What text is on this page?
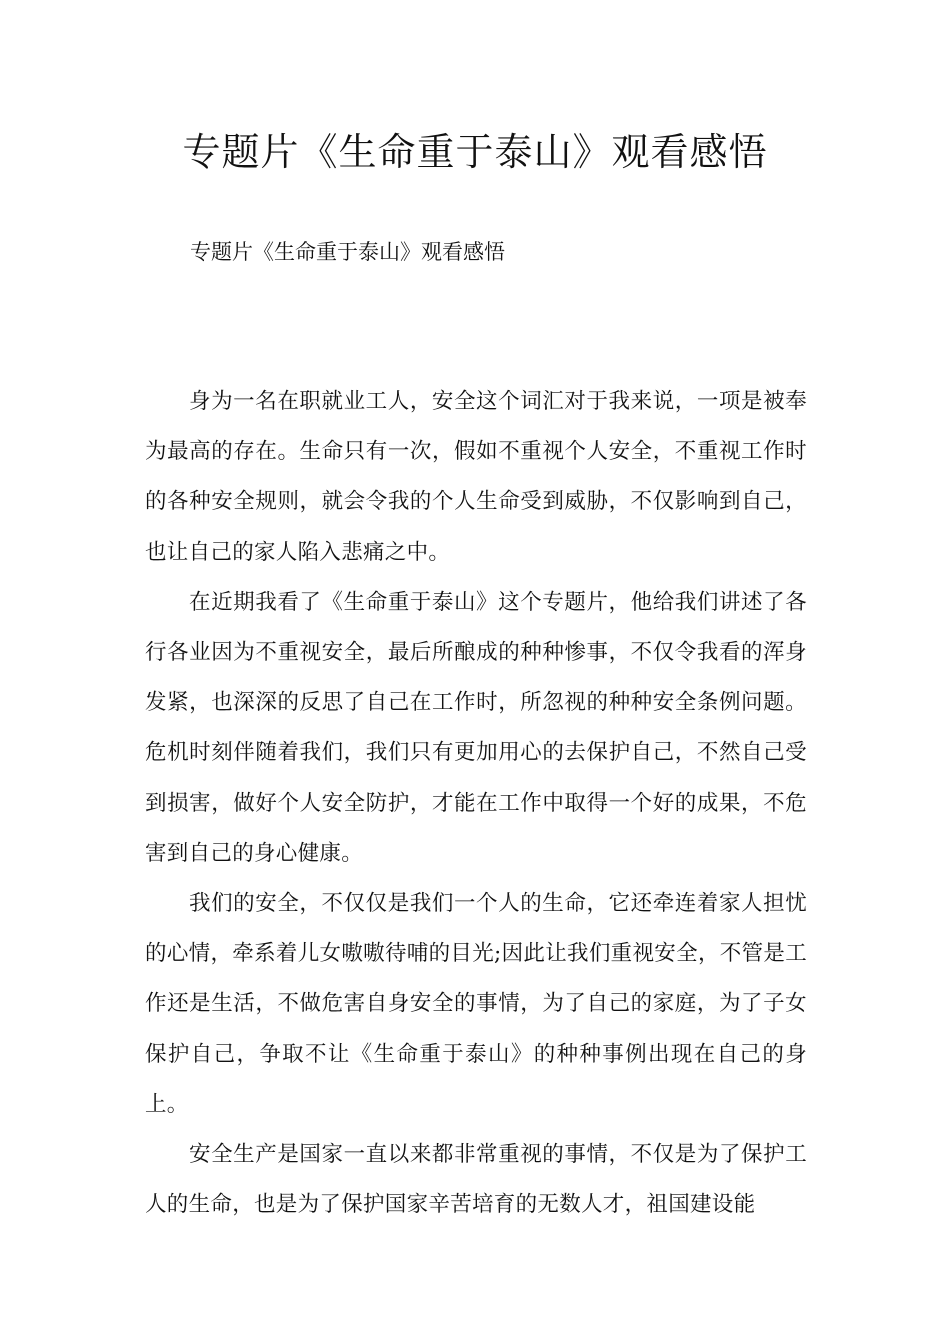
专题片《生命重于泰山》观看感悟
专题片《生命重于泰山》观看感悟

身为一名在职就业工人，安全这个词汇对于我来说，一项是被奉为最高的存在。生命只有一次，假如不重视个人安全，不重视工作时的各种安全规则，就会令我的个人生命受到威胁，不仅影响到自己，也让自己的家人陷入悲痛之中。

在近期我看了《生命重于泰山》这个专题片，他给我们讲述了各行各业因为不重视安全，最后所酿成的种种惨事，不仅令我看的浑身发紧，也深深的反思了自己在工作时，所忽视的种种安全条例问题。危机时刻伴随着我们，我们只有更加用心的去保护自己，不然自己受到损害，做好个人安全防护，才能在工作中取得一个好的成果，不危害到自己的身心健康。

我们的安全，不仅仅是我们一个人的生命，它还牵连着家人担忧的心情，牵系着儿女嗷嗷待哺的目光;因此让我们重视安全，不管是工作还是生活，不做危害自身安全的事情，为了自己的家庭，为了子女保护自己，争取不让《生命重于泰山》的种种事例出现在自己的身上。

安全生产是国家一直以来都非常重视的事情，不仅是为了保护工人的生命，也是为了保护国家辛苦培育的无数人才，祖国建设能
